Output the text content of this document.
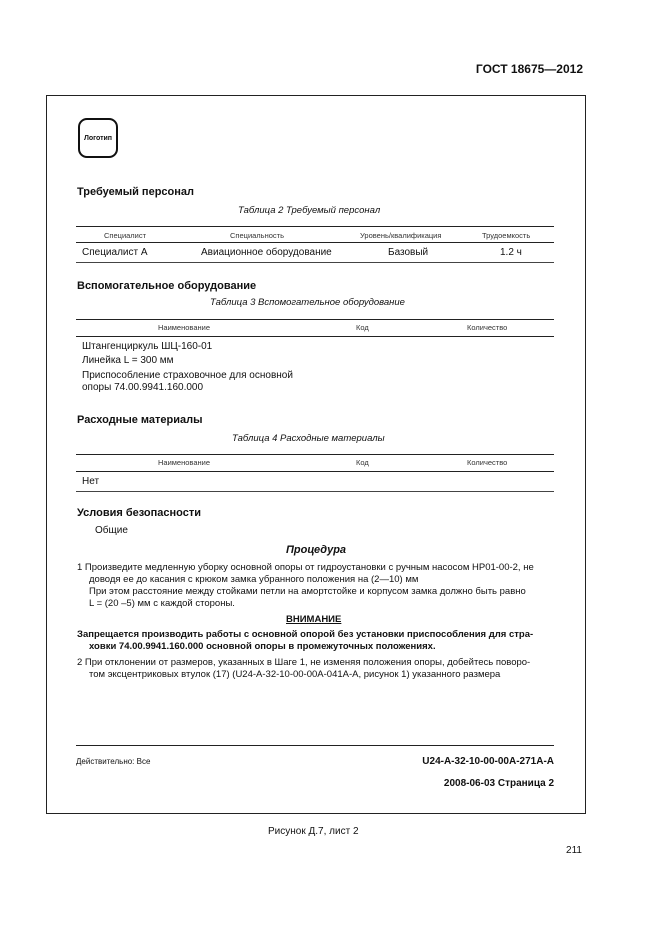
ГОСТ 18675—2012
Логотип
Требуемый персонал
Таблица 2 Требуемый персонал
Специалист	Специальность	Уровень/квалификация	Трудоемкость
Специалист А	Авиационное оборудование	Базовый	1.2 ч
Вспомогательное оборудование
Таблица 3 Вспомогательное оборудование
Наименование	Код	Количество
Штангенциркуль ШЦ-160-01
Линейка L = 300 мм
Приспособление страховочное для основной
опоры 74.00.9941.160.000
Расходные материалы
Таблица 4 Расходные материалы
Наименование	Код	Количество
Нет
Условия безопасности
Общие
Процедура
1 Произведите медленную уборку основной опоры от гидроустановки с ручным насосом НР01-00-2, не
доводя ее до касания с крюком замка убранного положения на (2—10) мм
При этом расстояние между стойками петли на амортстойке и корпусом замка должно быть равно
L = (20 –5) мм с каждой стороны.
ВНИМАНИЕ
Запрещается производить работы с основной опорой без установки приспособления для стра-
ховки 74.00.9941.160.000 основной опоры в промежуточных положениях.
2 При отклонении от размеров, указанных в Шаге 1, не изменяя положения опоры, добейтесь поворо-
том эксцентриковых втулок (17) (U24-A-32-10-00-00A-041A-A, рисунок 1) указанного размера
Действительно: Все	U24-A-32-10-00-00A-271A-A
2008-06-03 Страница 2
Рисунок Д.7, лист 2
211
